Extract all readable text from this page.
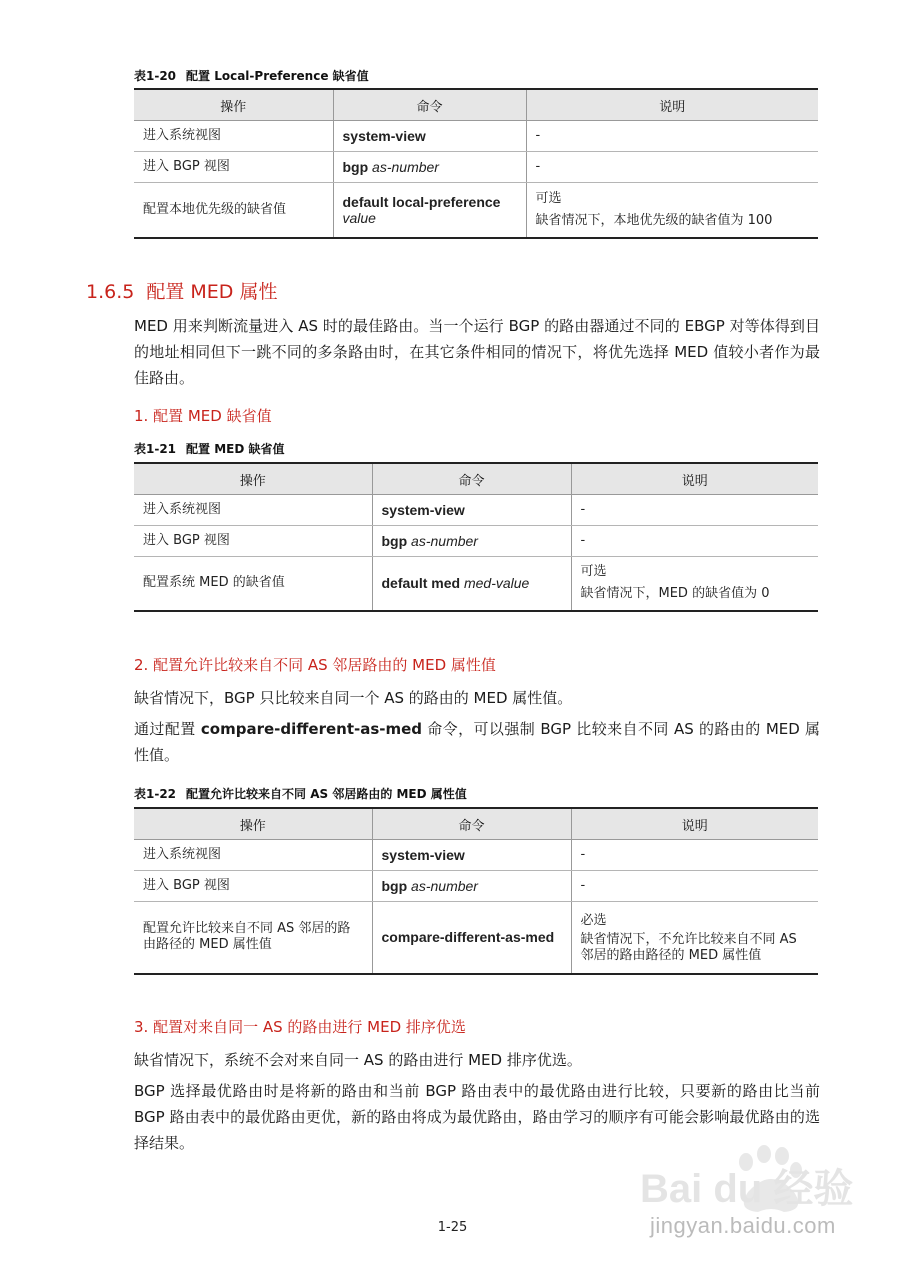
表1-20 配置 Local-Preference 缺省值
操作	命令	说明
进入系统视图	system-view	-
进入 BGP 视图	bgp as-number	-
配置本地优先级的缺省值	default local-preference
value	可选
缺省情况下，本地优先级的缺省值为 100
1.6.5 配置 MED 属性
MED 用来判断流量进入 AS 时的最佳路由。当一个运行 BGP 的路由器通过不同的 EBGP 对等体得到目的地址相同但下一跳不同的多条路由时，在其它条件相同的情况下，将优先选择 MED 值较小者作为最佳路由。
1. 配置 MED 缺省值
表1-21 配置 MED 缺省值
操作	命令	说明
进入系统视图	system-view	-
进入 BGP 视图	bgp as-number	-
配置系统 MED 的缺省值	default med med-value	可选
缺省情况下，MED 的缺省值为 0
2. 配置允许比较来自不同 AS 邻居路由的 MED 属性值
缺省情况下，BGP 只比较来自同一个 AS 的路由的 MED 属性值。
通过配置 compare-different-as-med 命令，可以强制 BGP 比较来自不同 AS 的路由的 MED 属性值。
表1-22 配置允许比较来自不同 AS 邻居路由的 MED 属性值
操作	命令	说明
进入系统视图	system-view	-
进入 BGP 视图	bgp as-number	-
配置允许比较来自不同 AS 邻居的路由路径的 MED 属性值	compare-different-as-med	必选
缺省情况下，不允许比较来自不同 AS 邻居的路由路径的 MED 属性值
3. 配置对来自同一 AS 的路由进行 MED 排序优选
缺省情况下，系统不会对来自同一 AS 的路由进行 MED 排序优选。
BGP 选择最优路由时是将新的路由和当前 BGP 路由表中的最优路由进行比较，只要新的路由比当前 BGP 路由表中的最优路由更优，新的路由将成为最优路由，路由学习的顺序有可能会影响最优路由的选择结果。
1-25
Bai du 经验
jingyan.baidu.com
